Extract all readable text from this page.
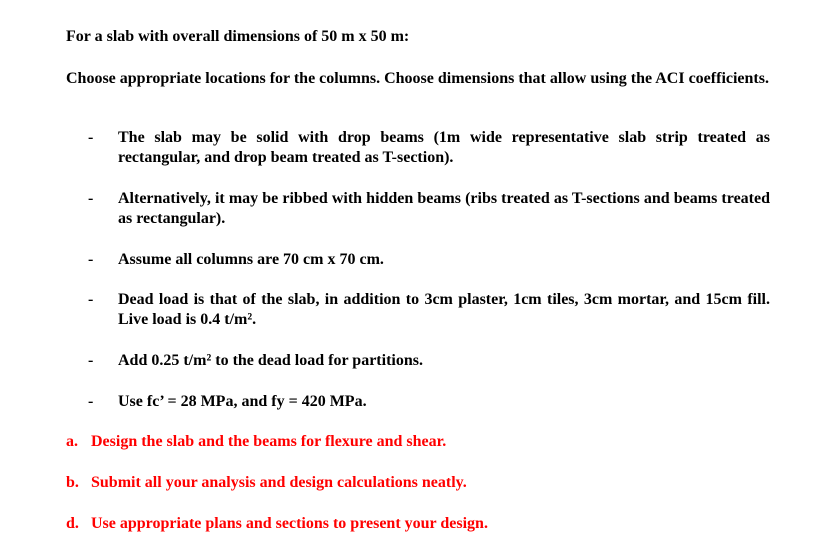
For a slab with overall dimensions of 50 m x 50 m:
Choose appropriate locations for the columns. Choose dimensions that allow using the ACI coefficients.
- The slab may be solid with drop beams (1m wide representative slab strip treated as rectangular, and drop beam treated as T-section).
- Alternatively, it may be ribbed with hidden beams (ribs treated as T-sections and beams treated as rectangular).
- Assume all columns are 70 cm x 70 cm.
- Dead load is that of the slab, in addition to 3cm plaster, 1cm tiles, 3cm mortar, and 15cm fill. Live load is 0.4 t/m².
- Add 0.25 t/m² to the dead load for partitions.
- Use fc’ = 28 MPa, and fy = 420 MPa.
a. Design the slab and the beams for flexure and shear.
b. Submit all your analysis and design calculations neatly.
d. Use appropriate plans and sections to present your design.
